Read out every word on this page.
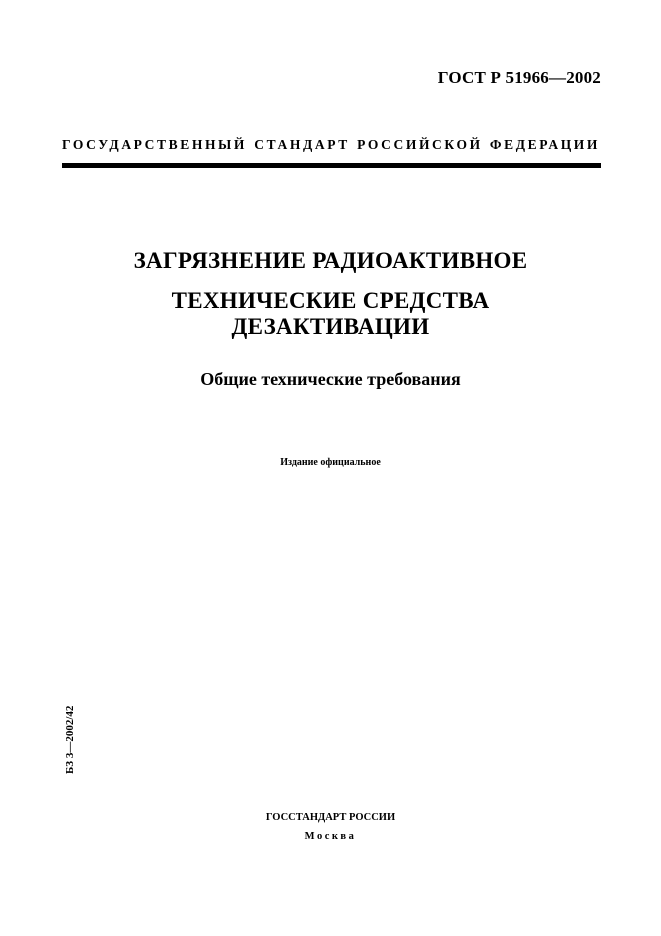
ГОСТ Р 51966—2002
ГОСУДАРСТВЕННЫЙ СТАНДАРТ РОССИЙСКОЙ ФЕДЕРАЦИИ
ЗАГРЯЗНЕНИЕ РАДИОАКТИВНОЕ
ТЕХНИЧЕСКИЕ СРЕДСТВА
ДЕЗАКТИВАЦИИ
Общие технические требования
Издание официальное
БЗ 3—2002/42
ГОССТАНДАРТ РОССИИ
Москва
